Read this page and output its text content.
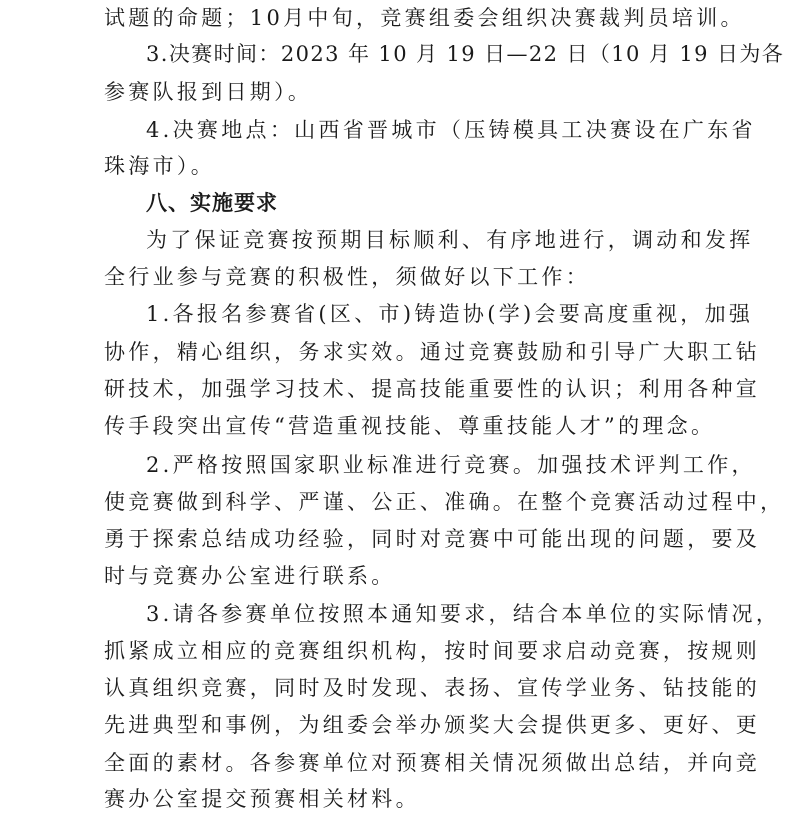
试题的命题；10月中旬，竞赛组委会组织决赛裁判员培训。
3.决赛时间：2023 年 10 月 19 日—22 日（10 月 19 日为各
参赛队报到日期）。
4.决赛地点：山西省晋城市（压铸模具工决赛设在广东省
珠海市）。
八、实施要求
为了保证竞赛按预期目标顺利、有序地进行，调动和发挥
全行业参与竞赛的积极性，须做好以下工作：
1.各报名参赛省(区、市)铸造协(学)会要高度重视，加强
协作，精心组织，务求实效。通过竞赛鼓励和引导广大职工钻
研技术，加强学习技术、提高技能重要性的认识；利用各种宣
传手段突出宣传“营造重视技能、尊重技能人才”的理念。
2.严格按照国家职业标准进行竞赛。加强技术评判工作，
使竞赛做到科学、严谨、公正、准确。在整个竞赛活动过程中，
勇于探索总结成功经验，同时对竞赛中可能出现的问题，要及
时与竞赛办公室进行联系。
3.请各参赛单位按照本通知要求，结合本单位的实际情况，
抓紧成立相应的竞赛组织机构，按时间要求启动竞赛，按规则
认真组织竞赛，同时及时发现、表扬、宣传学业务、钻技能的
先进典型和事例，为组委会举办颁奖大会提供更多、更好、更
全面的素材。各参赛单位对预赛相关情况须做出总结，并向竞
赛办公室提交预赛相关材料。
